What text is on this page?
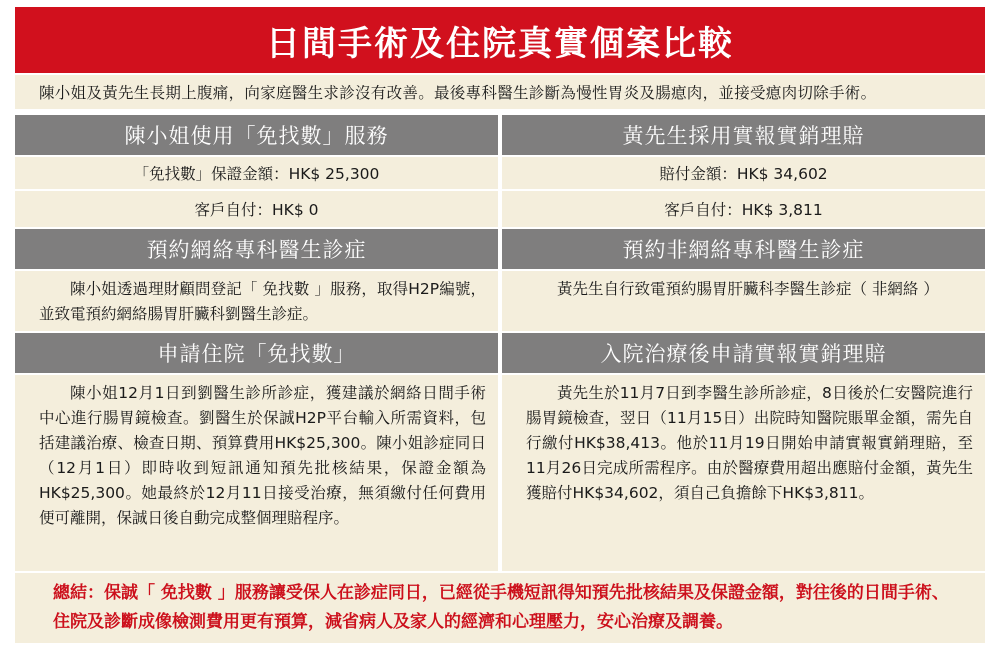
日間手術及住院真實個案比較
陳小姐及黃先生長期上腹痛，向家庭醫生求診沒有改善。最後專科醫生診斷為慢性胃炎及腸瘜肉，並接受瘜肉切除手術。
陳小姐使用「免找數」服務
「免找數」保證金額：HK$ 25,300
客戶自付：HK$ 0
預約網絡專科醫生診症
陳小姐透過理財顧問登記「 免找數 」服務，取得H2P編號，並致電預約網絡腸胃肝臟科劉醫生診症。
申請住院「免找數」
陳小姐12月1日到劉醫生診所診症，獲建議於網絡日間手術中心進行腸胃鏡檢查。劉醫生於保誠H2P平台輸入所需資料，包括建議治療、檢查日期、預算費用HK$25,300。陳小姐診症同日（12月1日）即時收到短訊通知預先批核結果，保證金額為HK$25,300。她最終於12月11日接受治療，無須繳付任何費用便可離開，保誠日後自動完成整個理賠程序。
黃先生採用實報實銷理賠
賠付金額：HK$ 34,602
客戶自付：HK$ 3,811
預約非網絡專科醫生診症
黃先生自行致電預約腸胃肝臟科李醫生診症（ 非網絡 ）
入院治療後申請實報實銷理賠
黃先生於11月7日到李醫生診所診症，8日後於仁安醫院進行腸胃鏡檢查，翌日（11月15日）出院時知醫院賬單金額，需先自行繳付HK$38,413。他於11月19日開始申請實報實銷理賠，至11月26日完成所需程序。由於醫療費用超出應賠付金額，黃先生獲賠付HK$34,602，須自己負擔餘下HK$3,811。
總結：保誠「 免找數 」服務讓受保人在診症同日，已經從手機短訊得知預先批核結果及保證金額，對往後的日間手術、住院及診斷成像檢測費用更有預算，減省病人及家人的經濟和心理壓力，安心治療及調養。
